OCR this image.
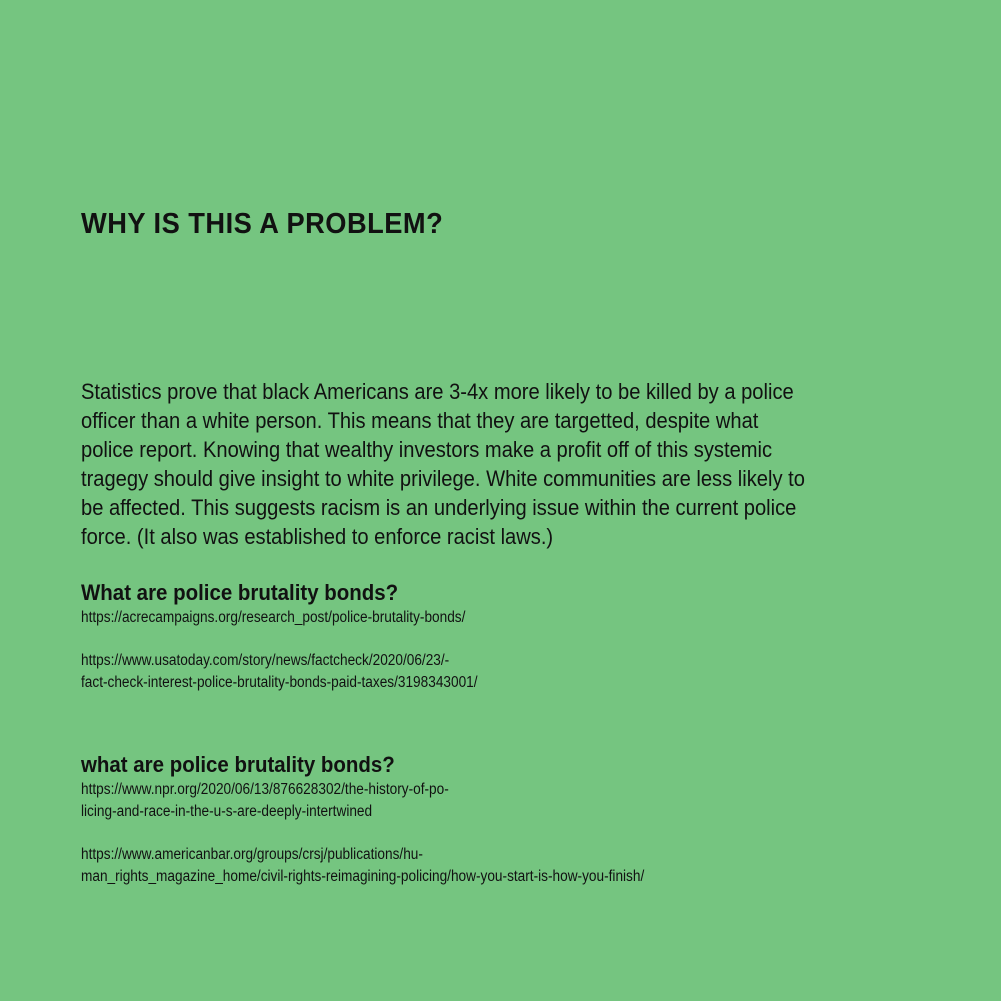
WHY IS THIS A PROBLEM?

Statistics prove that black Americans are 3-4x more likely to be killed by a police
officer than a white person. This means that they are targetted, despite what
police report. Knowing that wealthy investors make a profit off of this systemic
tragegy should give insight to white privilege. White communities are less likely to
be affected. This suggests racism is an underlying issue within the current police
force. (It also was established to enforce racist laws.)

What are police brutality bonds?
https://acrecampaigns.org/research_post/police-brutality-bonds/
https://www.usatoday.com/story/news/factcheck/2020/06/23/-
fact-check-interest-police-brutality-bonds-paid-taxes/3198343001/
what are police brutality bonds?
https://www.npr.org/2020/06/13/876628302/the-history-of-po-
licing-and-race-in-the-u-s-are-deeply-intertwined
https://www.americanbar.org/groups/crsj/publications/hu-
man_rights_magazine_home/civil-rights-reimagining-policing/how-you-start-is-how-you-finish/
